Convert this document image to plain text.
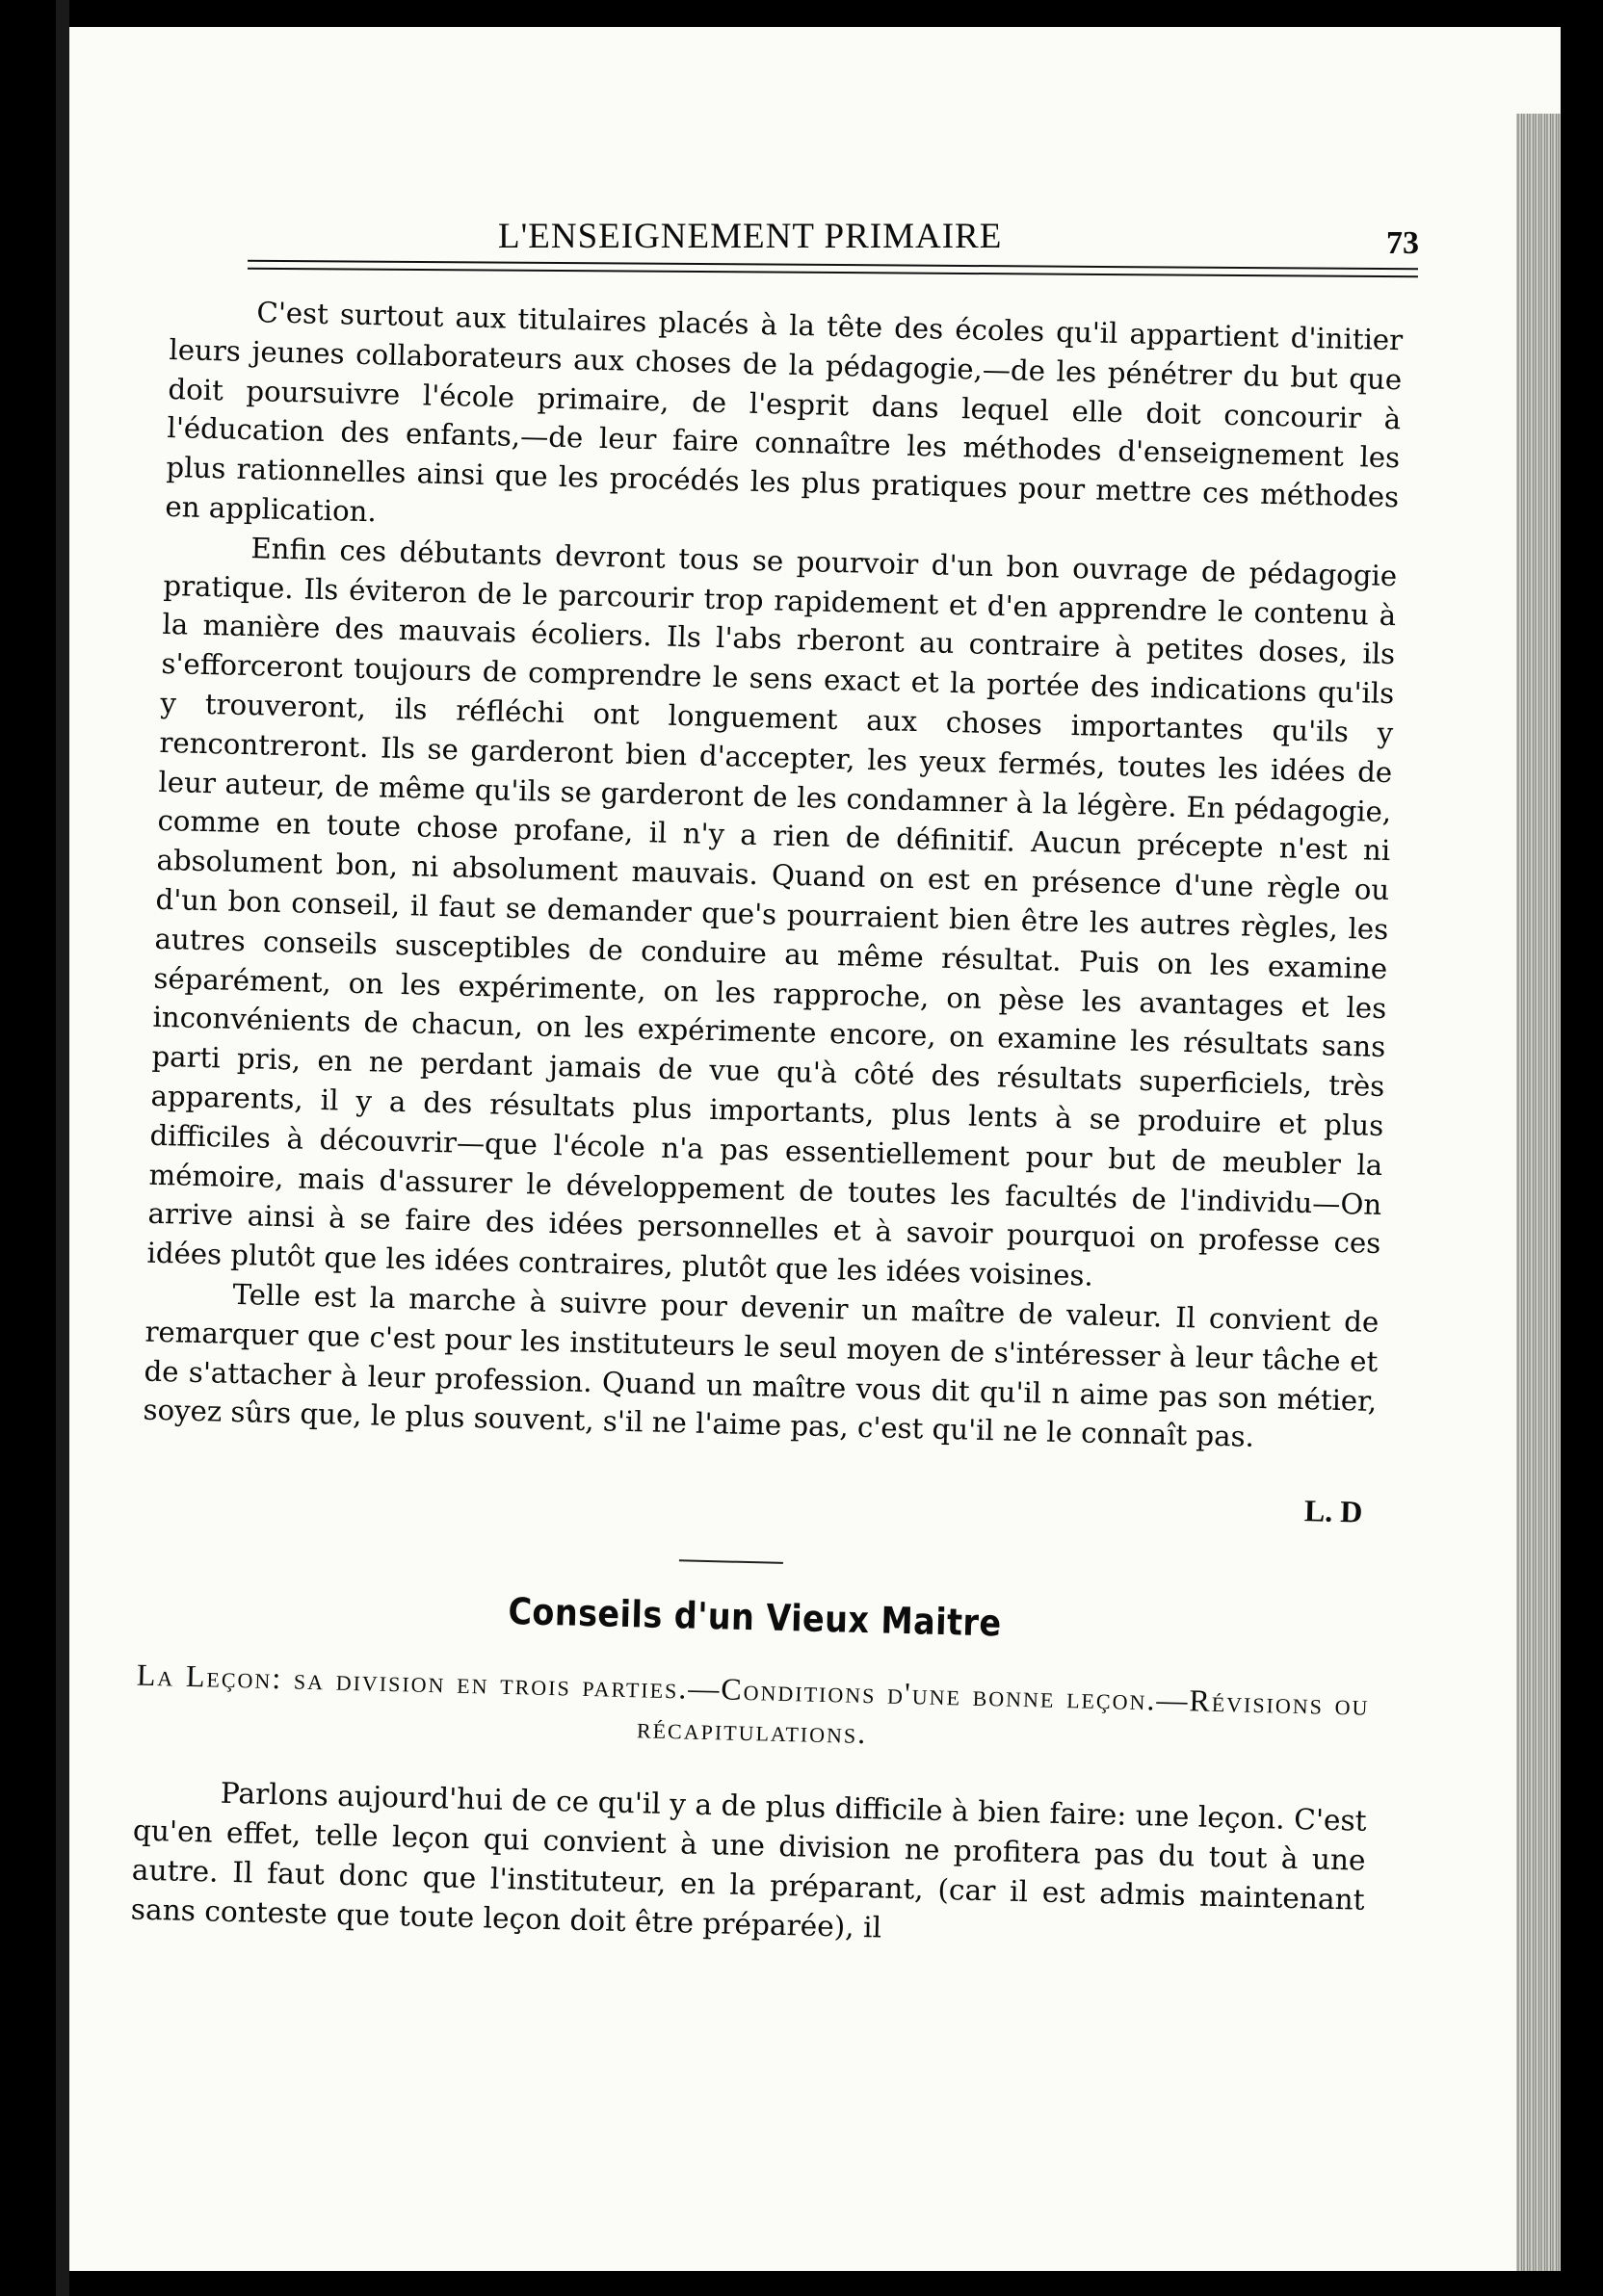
L'ENSEIGNEMENT PRIMAIRE	73

C'est surtout aux titulaires placés à la tête des écoles qu'il appartient d'initier leurs jeunes collaborateurs aux choses de la pédagogie,—de les pénétrer du but que doit poursuivre l'école primaire, de l'esprit dans lequel elle doit concourir à l'éducation des enfants,—de leur faire connaître les méthodes d'enseignement les plus rationnelles ainsi que les procédés les plus pratiques pour mettre ces méthodes en application.

Enfin ces débutants devront tous se pourvoir d'un bon ouvrage de pédagogie pratique. Ils éviteron de le parcourir trop rapidement et d'en apprendre le contenu à la manière des mauvais écoliers. Ils l'abs rberont au contraire à petites doses, ils s'efforceront toujours de comprendre le sens exact et la portée des indications qu'ils y trouveront, ils réfléchi ont longuement aux choses importantes qu'ils y rencontreront. Ils se garderont bien d'accepter, les yeux fermés, toutes les idées de leur auteur, de même qu'ils se garderont de les condamner à la légère. En pédagogie, comme en toute chose profane, il n'y a rien de définitif. Aucun précepte n'est ni absolument bon, ni absolument mauvais. Quand on est en présence d'une règle ou d'un bon conseil, il faut se demander que's pourraient bien être les autres règles, les autres conseils susceptibles de conduire au même résultat. Puis on les examine séparément, on les expérimente, on les rapproche, on pèse les avantages et les inconvénients de chacun, on les expérimente encore, on examine les résultats sans parti pris, en ne perdant jamais de vue qu'à côté des résultats superficiels, très apparents, il y a des résultats plus importants, plus lents à se produire et plus difficiles à découvrir—que l'école n'a pas essentiellement pour but de meubler la mémoire, mais d'assurer le développement de toutes les facultés de l'individu—On arrive ainsi à se faire des idées personnelles et à savoir pourquoi on professe ces idées plutôt que les idées contraires, plutôt que les idées voisines.

Telle est la marche à suivre pour devenir un maître de valeur. Il convient de remarquer que c'est pour les instituteurs le seul moyen de s'intéresser à leur tâche et de s'attacher à leur profession. Quand un maître vous dit qu'il n aime pas son métier, soyez sûrs que, le plus souvent, s'il ne l'aime pas, c'est qu'il ne le connaît pas.

L. D
Conseils d'un Vieux Maitre
La Leçon: sa division en trois parties.—Conditions d'une bonne leçon.—Révisions ou récapitulations.

Parlons aujourd'hui de ce qu'il y a de plus difficile à bien faire: une leçon. C'est qu'en effet, telle leçon qui convient à une division ne profitera pas du tout à une autre. Il faut donc que l'instituteur, en la préparant, (car il est admis maintenant sans conteste que toute leçon doit être préparée), il
